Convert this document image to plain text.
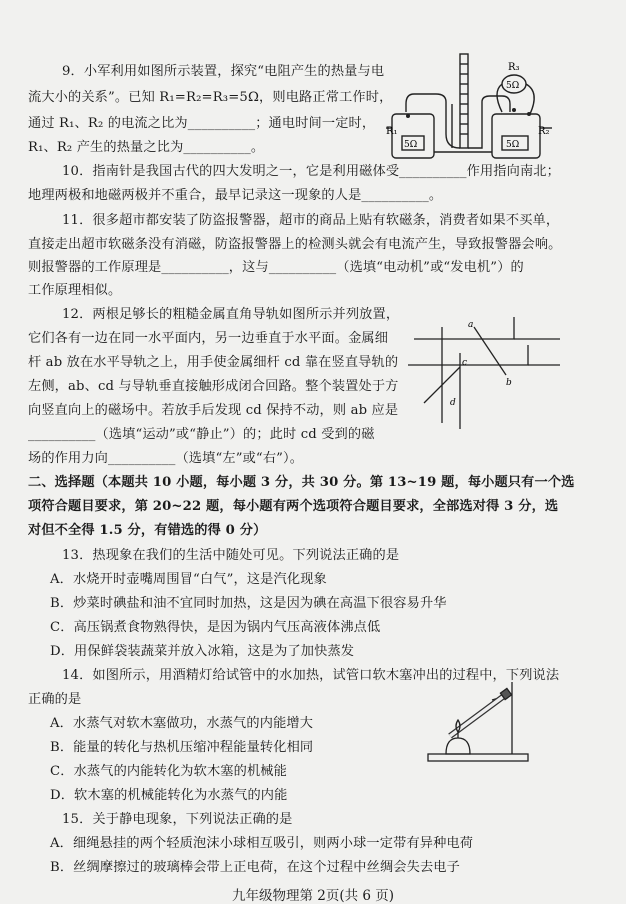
9．小军利用如图所示装置，探究“电阻产生的热量与电
流大小的关系”。已知 R₁=R₂=R₃=5Ω，则电路正常工作时，
通过 R₁、R₂ 的电流之比为__________；通电时间一定时，
R₁、R₂ 产生的热量之比为__________。
R₁	R₂
R₃
5Ω
5Ω	5Ω
10．指南针是我国古代的四大发明之一，它是利用磁体受__________作用指向南北；
地理两极和地磁两极并不重合，最早记录这一现象的人是__________。
11．很多超市都安装了防盗报警器，超市的商品上贴有软磁条，消费者如果不买单，
直接走出超市软磁条没有消磁，防盗报警器上的检测头就会有电流产生，导致报警器会响。
则报警器的工作原理是__________，这与__________（选填“电动机”或“发电机”）的
工作原理相似。
12．两根足够长的粗糙金属直角导轨如图所示并列放置，
它们各有一边在同一水平面内，另一边垂直于水平面。金属细
杆 ab 放在水平导轨之上，用手使金属细杆 cd 靠在竖直导轨的
左侧，ab、cd 与导轨垂直接触形成闭合回路。整个装置处于方
向竖直向上的磁场中。若放手后发现 cd 保持不动，则 ab 应是
__________（选填“运动”或“静止”）的；此时 cd 受到的磁
场的作用力向__________（选填“左”或“右”）。
a
b
c
d
二、选择题（本题共 10 小题，每小题 3 分，共 30 分。第 13~19 题，每小题只有一个选
项符合题目要求，第 20~22 题，每小题有两个选项符合题目要求，全部选对得 3 分，选
对但不全得 1.5 分，有错选的得 0 分）
13．热现象在我们的生活中随处可见。下列说法正确的是
A．水烧开时壶嘴周围冒“白气”，这是汽化现象
B．炒菜时碘盐和油不宜同时加热，这是因为碘在高温下很容易升华
C．高压锅煮食物熟得快，是因为锅内气压高液体沸点低
D．用保鲜袋装蔬菜并放入冰箱，这是为了加快蒸发
14．如图所示，用酒精灯给试管中的水加热，试管口软木塞冲出的过程中，下列说法
正确的是
A．水蒸气对软木塞做功，水蒸气的内能增大
B．能量的转化与热机压缩冲程能量转化相同
C．水蒸气的内能转化为软木塞的机械能
D．软木塞的机械能转化为水蒸气的内能
15．关于静电现象，下列说法正确的是
A．细绳悬挂的两个轻质泡沫小球相互吸引，则两小球一定带有异种电荷
B．丝绸摩擦过的玻璃棒会带上正电荷，在这个过程中丝绸会失去电子
九年级物理第 2页(共 6 页)
